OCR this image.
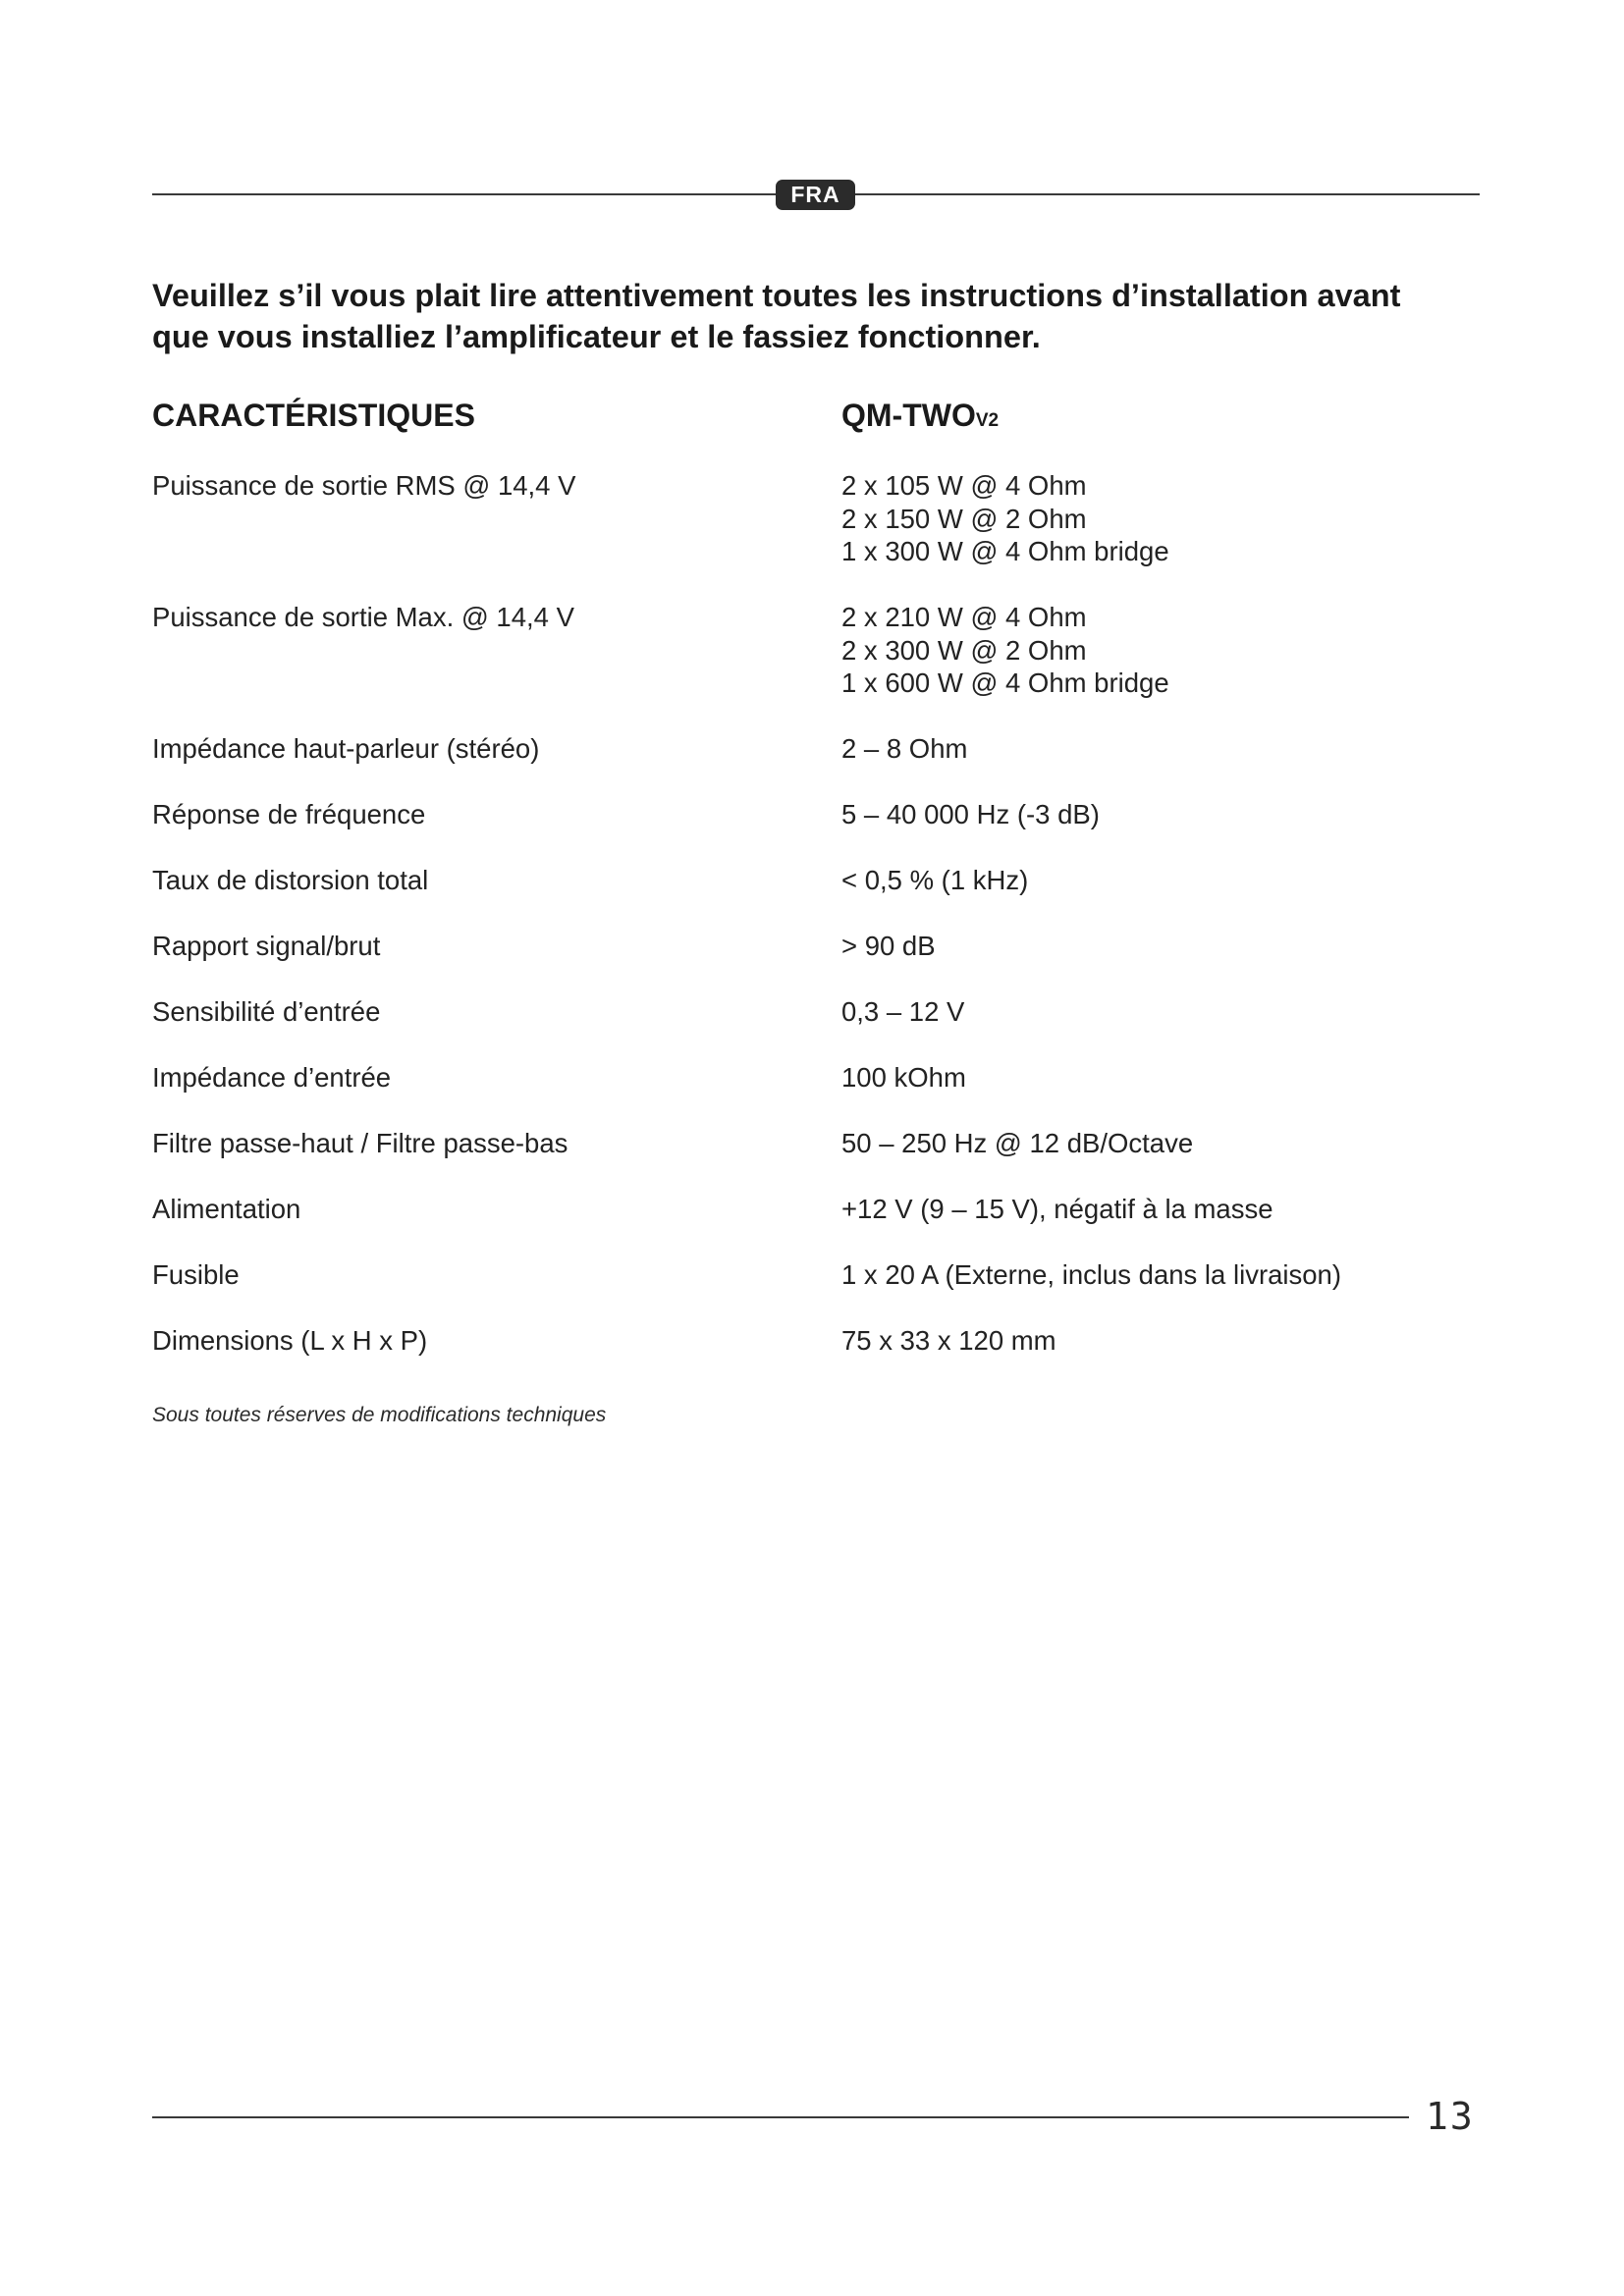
FRA
Veuillez s’il vous plait lire attentivement toutes les instructions d’installation avant
que vous installiez l’amplificateur et le fassiez fonctionner.
CARACTÉRISTIQUES	QM-TWOV2
Puissance de sortie RMS @ 14,4 V	2 x 105 W @ 4 Ohm
2 x 150 W @ 2 Ohm
1 x 300 W @ 4 Ohm bridge
Puissance de sortie Max. @ 14,4 V	2 x 210 W @ 4 Ohm
2 x 300 W @ 2 Ohm
1 x 600 W @ 4 Ohm bridge
Impédance haut-parleur (stéréo)	2 – 8 Ohm
Réponse de fréquence	5 – 40 000 Hz (-3 dB)
Taux de distorsion total	< 0,5 % (1 kHz)
Rapport signal/brut	> 90 dB
Sensibilité d’entrée	0,3 – 12 V
Impédance d’entrée	100 kOhm
Filtre passe-haut / Filtre passe-bas	50 – 250 Hz @ 12 dB/Octave
Alimentation	+12 V (9 – 15 V), négatif à la masse
Fusible	1 x 20 A (Externe, inclus dans la livraison)
Dimensions (L x H x P)	75 x 33 x 120 mm
Sous toutes réserves de modifications techniques
13
